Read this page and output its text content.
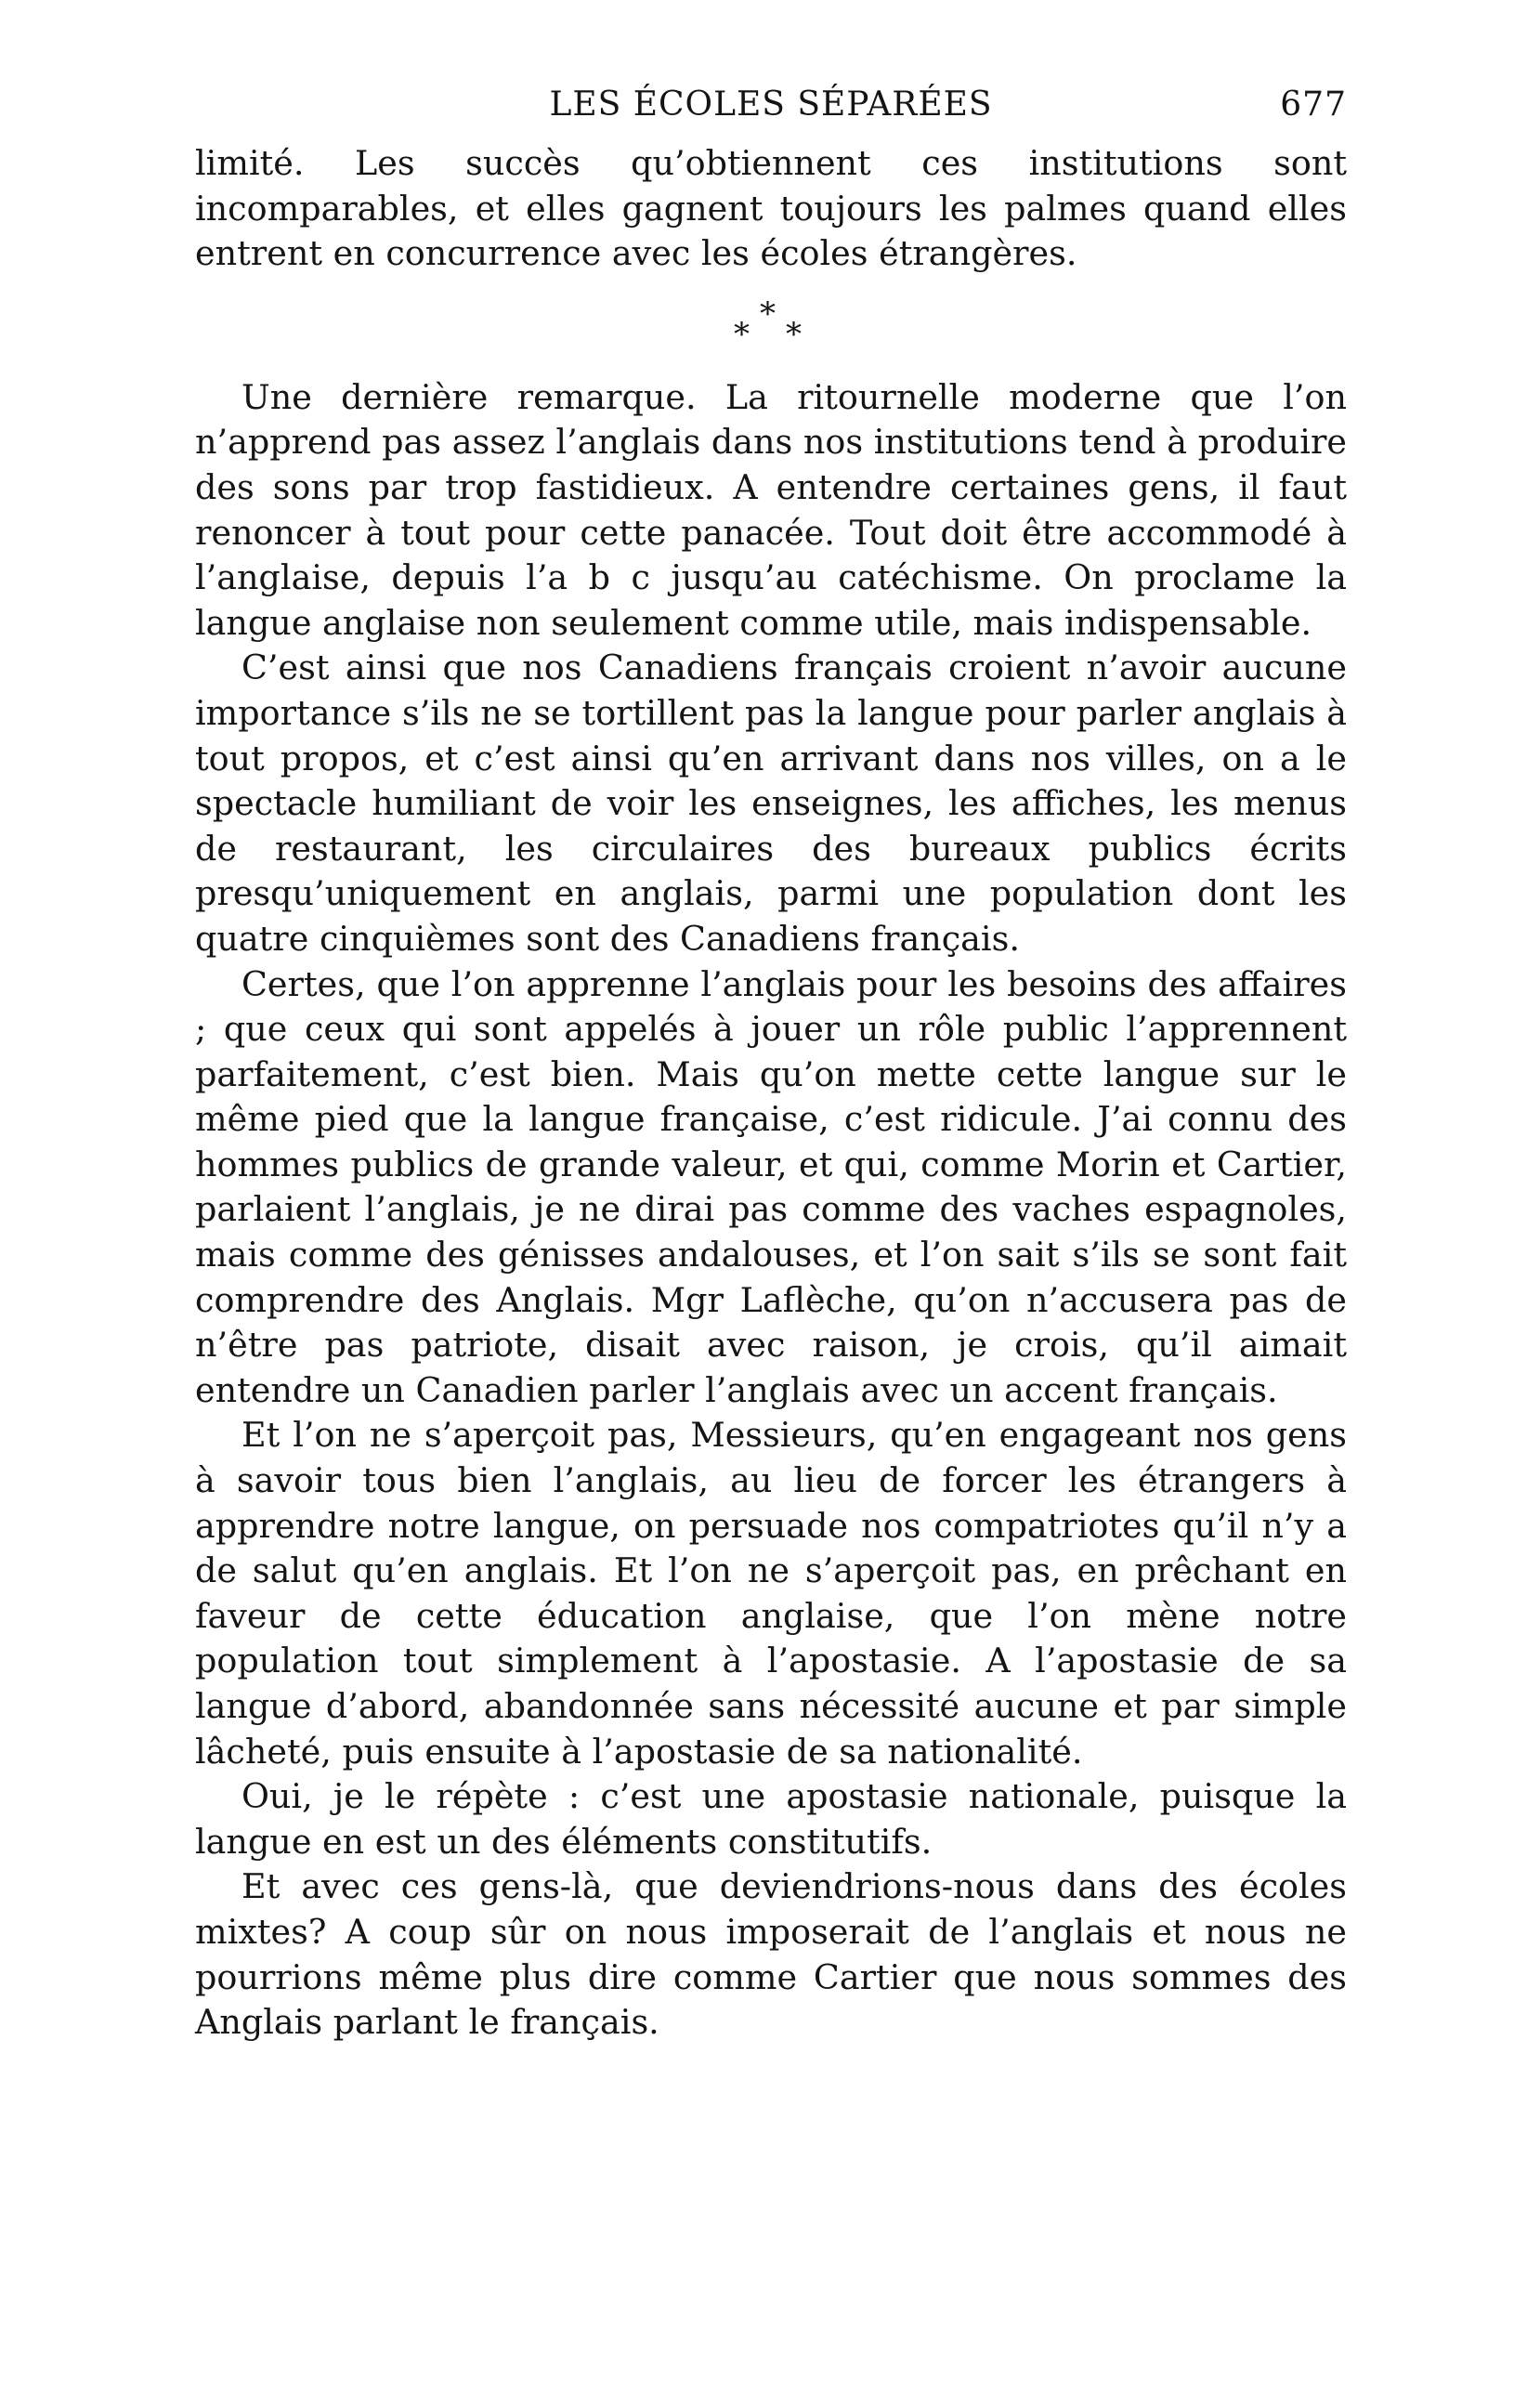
LES ÉCOLES SÉPARÉES	677

limité. Les succès qu’obtiennent ces institutions sont incomparables, et elles gagnent toujours les palmes quand elles entrent en concurrence avec les écoles étrangères.

*
* *

Une dernière remarque. La ritournelle moderne que l’on n’apprend pas assez l’anglais dans nos institutions tend à produire des sons par trop fastidieux. A entendre certaines gens, il faut renoncer à tout pour cette panacée. Tout doit être accommodé à l’anglaise, depuis l’a b c jusqu’au catéchisme. On proclame la langue anglaise non seulement comme utile, mais indispensable.

C’est ainsi que nos Canadiens français croient n’avoir aucune importance s’ils ne se tortillent pas la langue pour parler anglais à tout propos, et c’est ainsi qu’en arrivant dans nos villes, on a le spectacle humiliant de voir les enseignes, les affiches, les menus de restaurant, les circulaires des bureaux publics écrits presqu’uniquement en anglais, parmi une population dont les quatre cinquièmes sont des Canadiens français.

Certes, que l’on apprenne l’anglais pour les besoins des affaires ; que ceux qui sont appelés à jouer un rôle public l’apprennent parfaitement, c’est bien. Mais qu’on mette cette langue sur le même pied que la langue française, c’est ridicule. J’ai connu des hommes publics de grande valeur, et qui, comme Morin et Cartier, parlaient l’anglais, je ne dirai pas comme des vaches espagnoles, mais comme des génisses andalouses, et l’on sait s’ils se sont fait comprendre des Anglais. Mgr Laflèche, qu’on n’accusera pas de n’être pas patriote, disait avec raison, je crois, qu’il aimait entendre un Canadien parler l’anglais avec un accent français.

Et l’on ne s’aperçoit pas, Messieurs, qu’en engageant nos gens à savoir tous bien l’anglais, au lieu de forcer les étrangers à apprendre notre langue, on persuade nos compatriotes qu’il n’y a de salut qu’en anglais. Et l’on ne s’aperçoit pas, en prêchant en faveur de cette éducation anglaise, que l’on mène notre population tout simplement à l’apostasie. A l’apostasie de sa langue d’abord, abandonnée sans nécessité aucune et par simple lâcheté, puis ensuite à l’apostasie de sa nationalité.

Oui, je le répète : c’est une apostasie nationale, puisque la langue en est un des éléments constitutifs.

Et avec ces gens-là, que deviendrions-nous dans des écoles mixtes? A coup sûr on nous imposerait de l’anglais et nous ne pourrions même plus dire comme Cartier que nous sommes des Anglais parlant le français.
